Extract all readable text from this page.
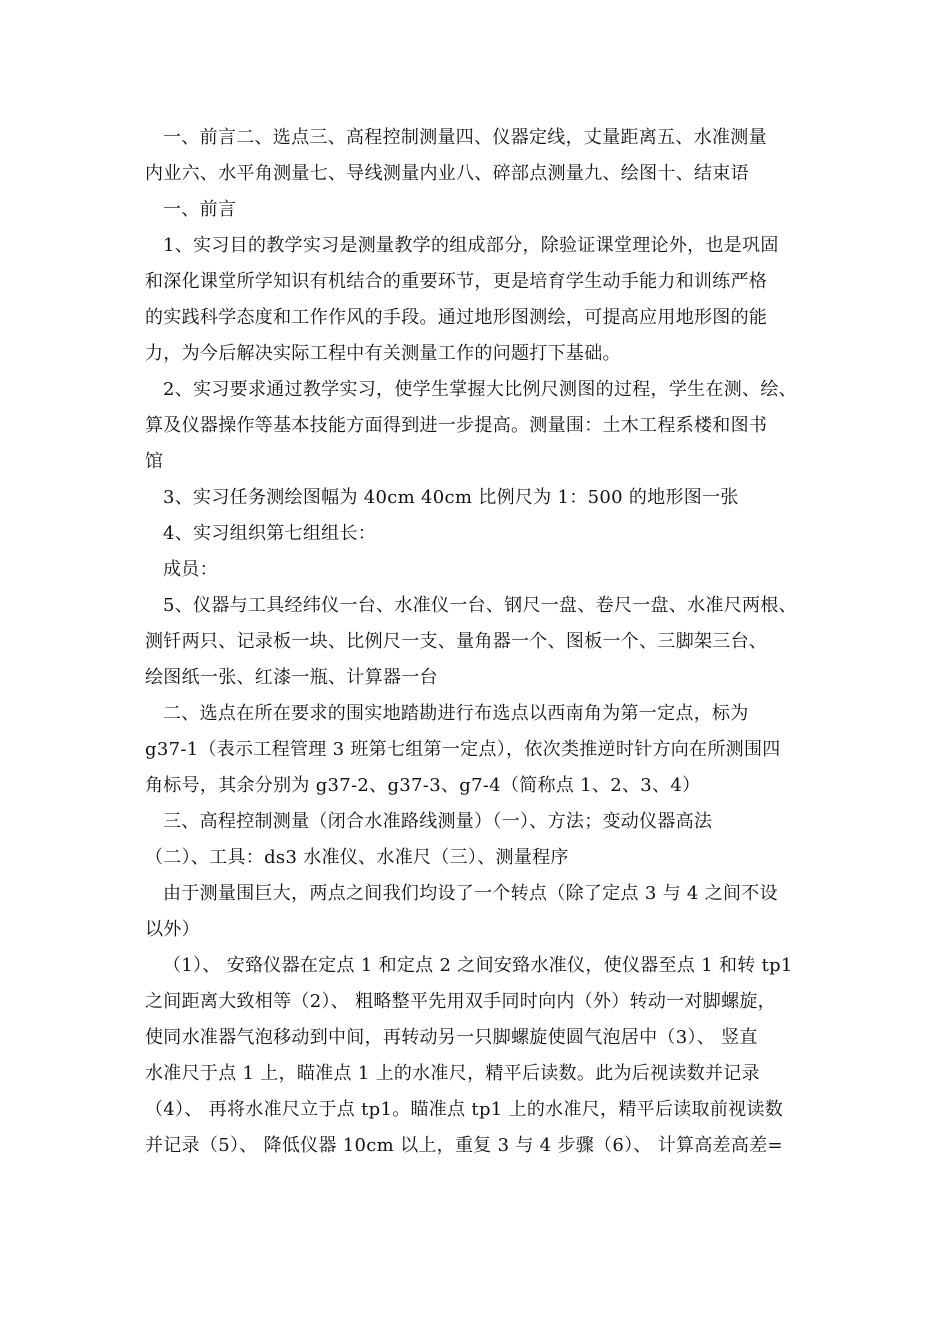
一、前言二、选点三、高程控制测量四、仪器定线，丈量距离五、水准测量
内业六、水平角测量七、导线测量内业八、碎部点测量九、绘图十、结束语
一、前言
1、实习目的教学实习是测量教学的组成部分，除验证课堂理论外，也是巩固
和深化课堂所学知识有机结合的重要环节，更是培育学生动手能力和训练严格
的实践科学态度和工作作风的手段。通过地形图测绘，可提高应用地形图的能
力，为今后解决实际工程中有关测量工作的问题打下基础。
2、实习要求通过教学实习，使学生掌握大比例尺测图的过程，学生在测、绘、
算及仪器操作等基本技能方面得到进一步提高。测量围：土木工程系楼和图书
馆
3、实习任务测绘图幅为 40cm 40cm 比例尺为 1：500 的地形图一张
4、实习组织第七组组长：
成员：
5、仪器与工具经纬仪一台、水准仪一台、钢尺一盘、卷尺一盘、水准尺两根、
测钎两只、记录板一块、比例尺一支、量角器一个、图板一个、三脚架三台、
绘图纸一张、红漆一瓶、计算器一台
二、选点在所在要求的围实地踏勘进行布选点以西南角为第一定点，标为
g37-1（表示工程管理 3 班第七组第一定点），依次类推逆时针方向在所测围四
角标号，其余分别为 g37-2、g37-3、g7-4（简称点 1、2、3、4）
三、高程控制测量（闭合水准路线测量）（一）、方法；变动仪器高法
（二）、工具：ds3 水准仪、水准尺（三）、测量程序
由于测量围巨大，两点之间我们均设了一个转点（除了定点 3 与 4 之间不设
以外）
（1）、 安臵仪器在定点 1 和定点 2 之间安臵水准仪，使仪器至点 1 和转 tp1
之间距离大致相等（2）、 粗略整平先用双手同时向内（外）转动一对脚螺旋，
使同水准器气泡移动到中间，再转动另一只脚螺旋使圆气泡居中（3）、 竖直
水准尺于点 1 上，瞄准点 1 上的水准尺，精平后读数。此为后视读数并记录
（4）、 再将水准尺立于点 tp1。瞄准点 tp1 上的水准尺，精平后读取前视读数
并记录（5）、 降低仪器 10cm 以上，重复 3 与 4 步骤（6）、 计算高差高差=
